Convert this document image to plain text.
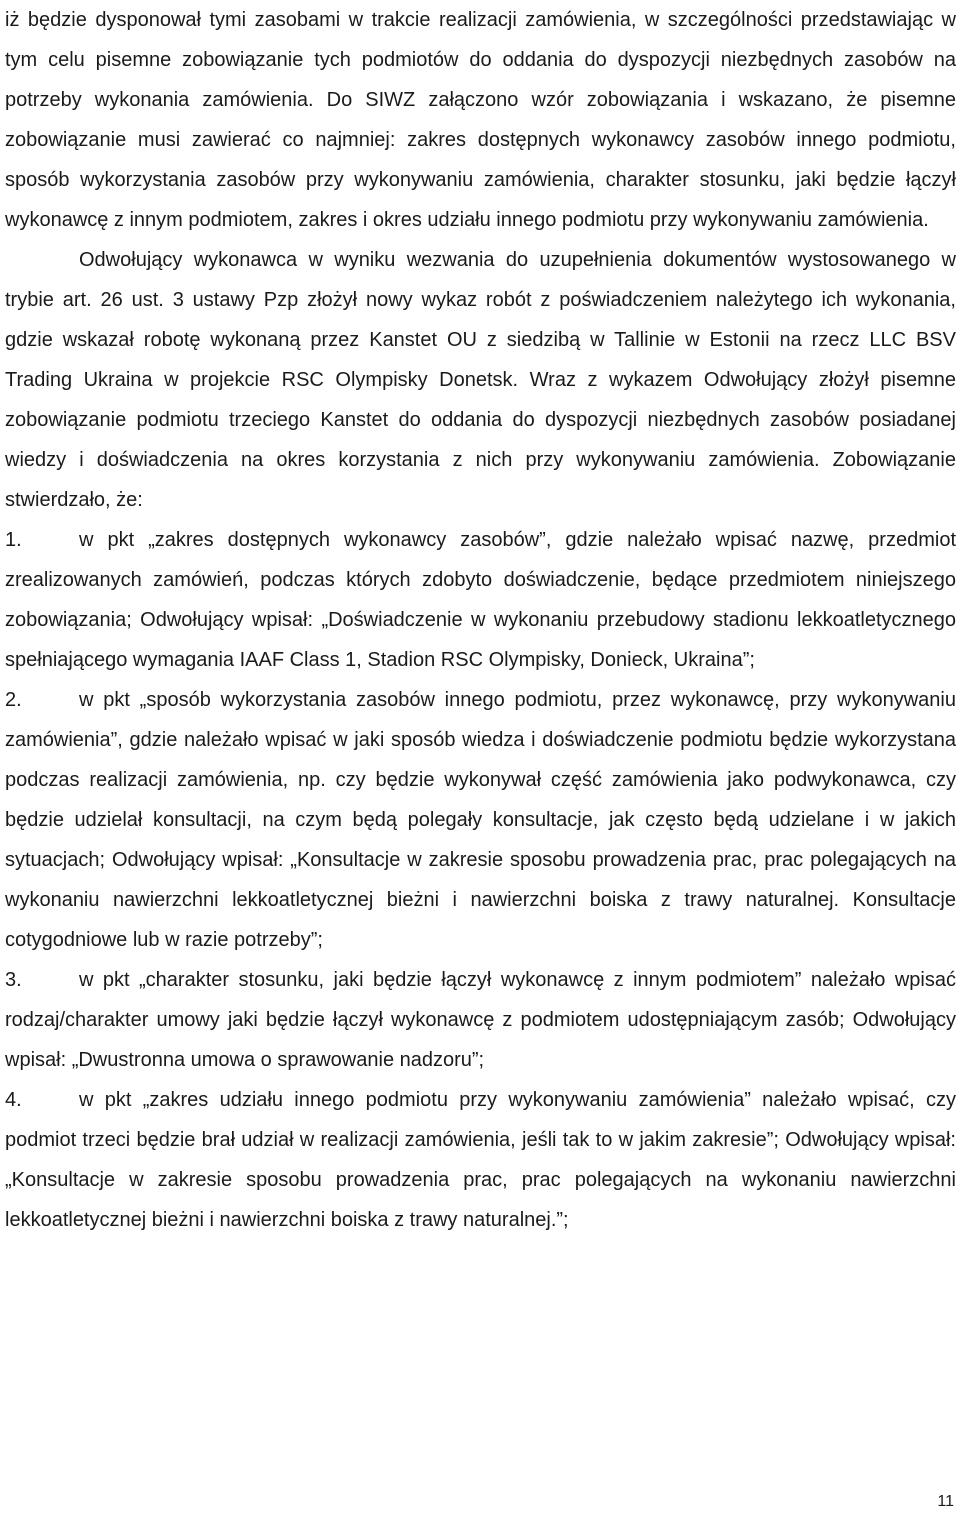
iż będzie dysponował tymi zasobami w trakcie realizacji zamówienia, w szczególności przedstawiając w tym celu pisemne zobowiązanie tych podmiotów do oddania do dyspozycji niezbędnych zasobów na potrzeby wykonania zamówienia. Do SIWZ załączono wzór zobowiązania i wskazano, że pisemne zobowiązanie musi zawierać co najmniej: zakres dostępnych wykonawcy zasobów innego podmiotu, sposób wykorzystania zasobów przy wykonywaniu zamówienia, charakter stosunku, jaki będzie łączył wykonawcę z innym podmiotem, zakres i okres udziału innego podmiotu przy wykonywaniu zamówienia.

Odwołujący wykonawca w wyniku wezwania do uzupełnienia dokumentów wystosowanego w trybie art. 26 ust. 3 ustawy Pzp złożył nowy wykaz robót z poświadczeniem należytego ich wykonania, gdzie wskazał robotę wykonaną przez Kanstet OU z siedzibą w Tallinie w Estonii na rzecz LLC BSV Trading Ukraina w projekcie RSC Olympisky Donetsk. Wraz z wykazem Odwołujący złożył pisemne zobowiązanie podmiotu trzeciego Kanstet do oddania do dyspozycji niezbędnych zasobów posiadanej wiedzy i doświadczenia na okres korzystania z nich przy wykonywaniu zamówienia. Zobowiązanie stwierdzało, że:

1.	w pkt „zakres dostępnych wykonawcy zasobów”, gdzie należało wpisać nazwę, przedmiot zrealizowanych zamówień, podczas których zdobyto doświadczenie, będące przedmiotem niniejszego zobowiązania; Odwołujący wpisał: „Doświadczenie w wykonaniu przebudowy stadionu lekkoatletycznego spełniającego wymagania IAAF Class 1, Stadion RSC Olympisky, Donieck, Ukraina”;

2.	w pkt „sposób wykorzystania zasobów innego podmiotu, przez wykonawcę, przy wykonywaniu zamówienia”, gdzie należało wpisać w jaki sposób wiedza i doświadczenie podmiotu będzie wykorzystana podczas realizacji zamówienia, np. czy będzie wykonywał część zamówienia jako podwykonawca, czy będzie udzielał konsultacji, na czym będą polegały konsultacje, jak często będą udzielane i w jakich sytuacjach; Odwołujący wpisał: „Konsultacje w zakresie sposobu prowadzenia prac, prac polegających na wykonaniu nawierzchni lekkoatletycznej bieżni i nawierzchni boiska z trawy naturalnej. Konsultacje cotygodniowe lub w razie potrzeby”;

3.	w pkt „charakter stosunku, jaki będzie łączył wykonawcę z innym podmiotem” należało wpisać rodzaj/charakter umowy jaki będzie łączył wykonawcę z podmiotem udostępniającym zasób; Odwołujący wpisał: „Dwustronna umowa o sprawowanie nadzoru”;

4.	w pkt „zakres udziału innego podmiotu przy wykonywaniu zamówienia” należało wpisać, czy podmiot trzeci będzie brał udział w realizacji zamówienia, jeśli tak to w jakim zakresie”; Odwołujący wpisał: „Konsultacje w zakresie sposobu prowadzenia prac, prac polegających na wykonaniu nawierzchni lekkoatletycznej bieżni i nawierzchni boiska z trawy naturalnej.”;

11
